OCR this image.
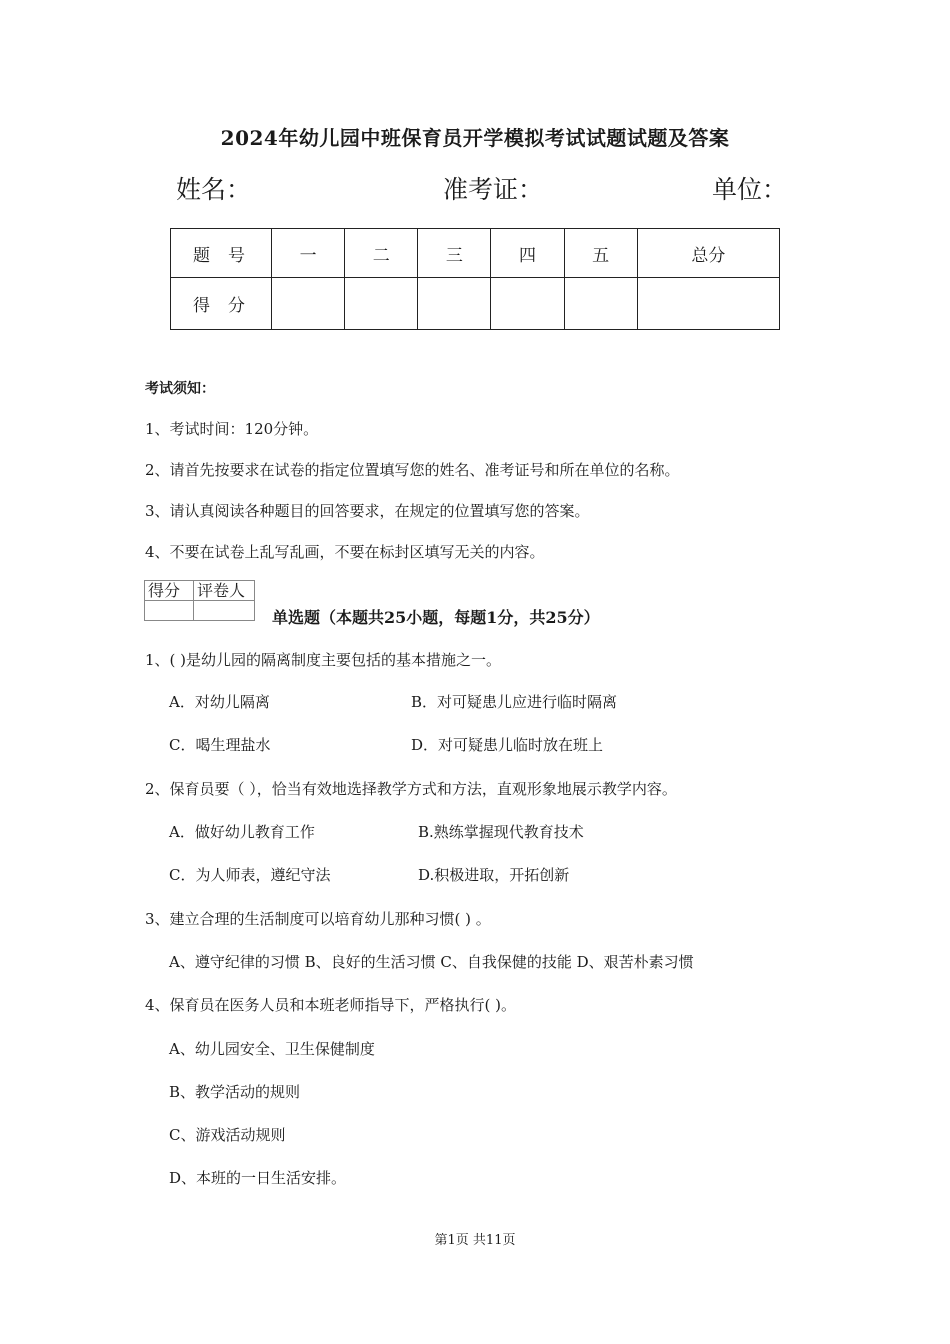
2024年幼儿园中班保育员开学模拟考试试题试题及答案
姓名：	准考证：	单位：
题号	一	二	三	四	五	总分
得分						
考试须知：
1、考试时间：120分钟。
2、请首先按要求在试卷的指定位置填写您的姓名、准考证号和所在单位的名称。
3、请认真阅读各种题目的回答要求，在规定的位置填写您的答案。
4、不要在试卷上乱写乱画，不要在标封区填写无关的内容。
得分	评卷人

单选题（本题共25小题，每题1分，共25分）
1、( )是幼儿园的隔离制度主要包括的基本措施之一。
A．对幼儿隔离	B．对可疑患儿应进行临时隔离
C．喝生理盐水	D．对可疑患儿临时放在班上
2、保育员要（ ），恰当有效地选择教学方式和方法，直观形象地展示教学内容。
A．做好幼儿教育工作	B.熟练掌握现代教育技术
C．为人师表，遵纪守法	D.积极进取，开拓创新
3、建立合理的生活制度可以培育幼儿那种习惯( ) 。
A、遵守纪律的习惯 B、良好的生活习惯 C、自我保健的技能 D、艰苦朴素习惯
4、保育员在医务人员和本班老师指导下，严格执行( )。
A、幼儿园安全、卫生保健制度
B、教学活动的规则
C、游戏活动规则
D、本班的一日生活安排。
第1页 共11页
